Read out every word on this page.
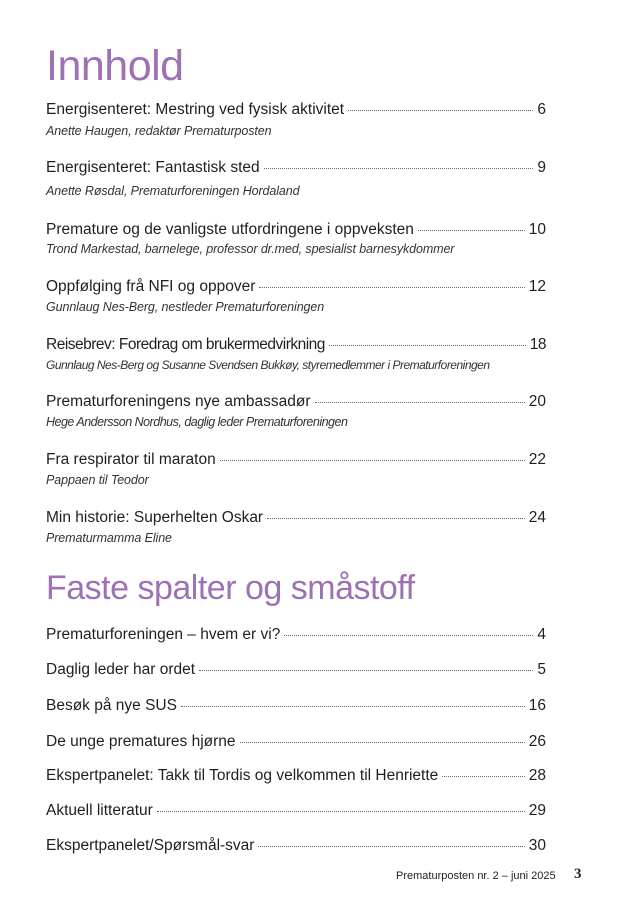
Innhold
Energisenteret: Mestring ved fysisk aktivitet	6
Anette Haugen, redaktør Prematurposten
Energisenteret: Fantastisk sted	9
Anette Røsdal, Prematurforeningen Hordaland
Premature og de vanligste utfordringene i oppveksten	10
Trond Markestad, barnelege, professor dr.med, spesialist barnesykdommer
Oppfølging frå NFI og oppover	12
Gunnlaug Nes-Berg, nestleder Prematurforeningen
Reisebrev: Foredrag om brukermedvirkning	18
Gunnlaug Nes-Berg og Susanne Svendsen Bukkøy, styremedlemmer i Prematurforeningen
Prematurforeningens nye ambassadør	20
Hege Andersson Nordhus, daglig leder Prematurforeningen
Fra respirator til maraton	22
Pappaen til Teodor
Min historie: Superhelten Oskar	24
Prematurmamma Eline
Faste spalter og småstoff
Prematurforeningen – hvem er vi?	4
Daglig leder har ordet	5
Besøk på nye SUS	16
De unge prematures hjørne	26
Ekspertpanelet: Takk til Tordis og velkommen til Henriette	28
Aktuell litteratur	29
Ekspertpanelet/Spørsmål-svar	30
Prematurposten nr. 2 – juni 2025 3
